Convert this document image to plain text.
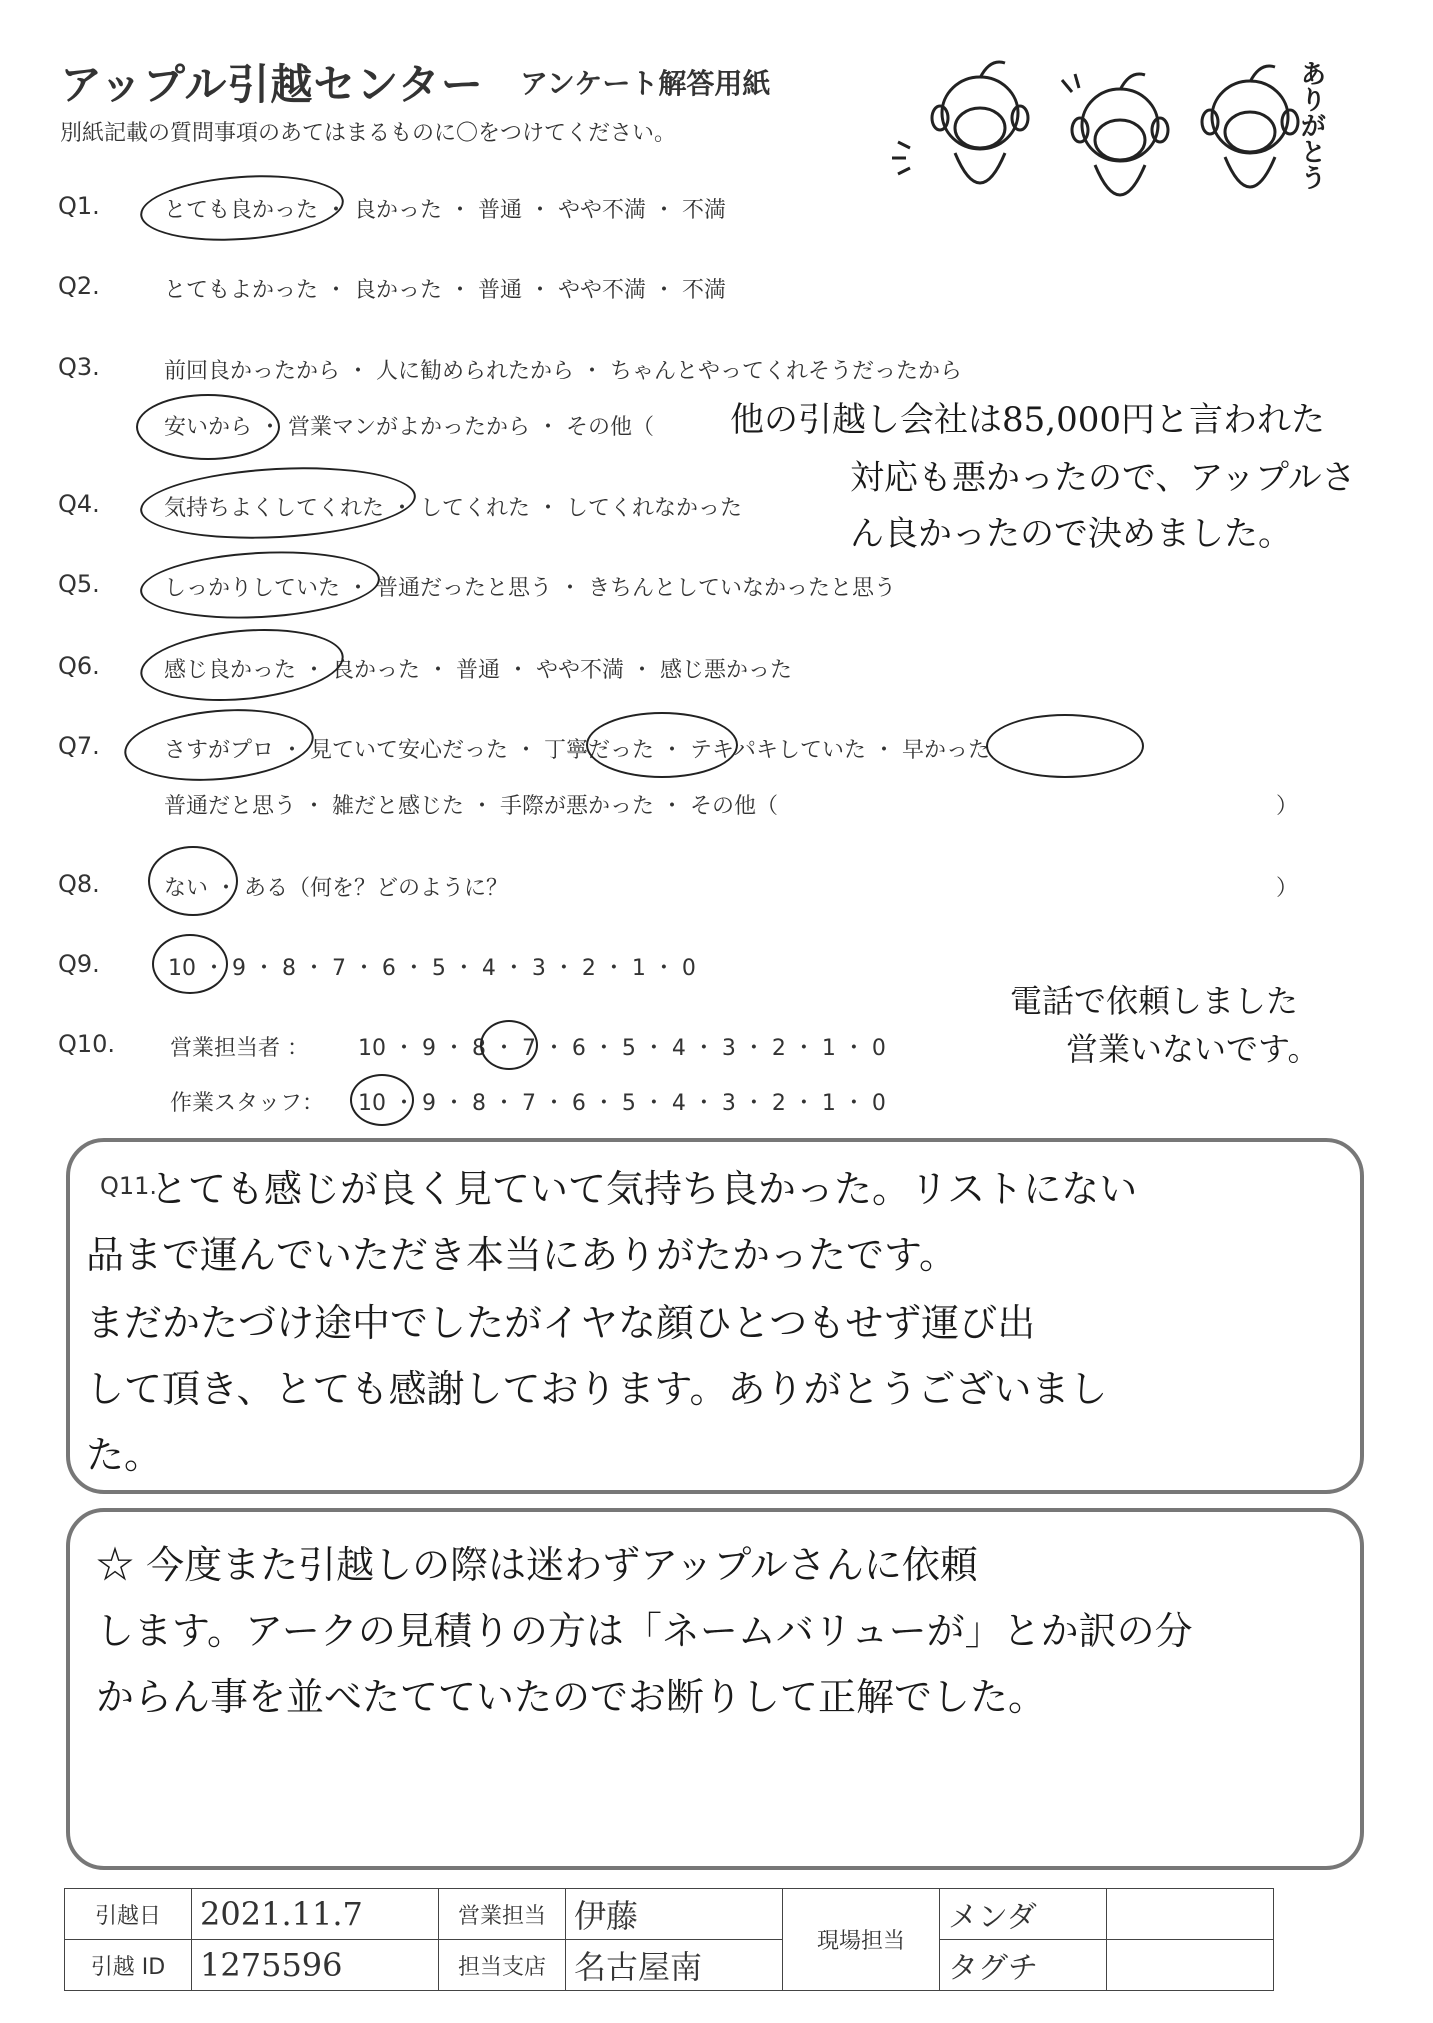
アップル引越センター アンケート解答用紙
別紙記載の質問事項のあてはまるものに〇をつけてください。	ありがとう
Q1.	とても良かった ・ 良かった ・ 普通 ・ やや不満 ・ 不満
Q2.	とてもよかった ・ 良かった ・ 普通 ・ やや不満 ・ 不満
Q3.	前回良かったから ・ 人に勧められたから ・ ちゃんとやってくれそうだったから
安いから ・ 営業マンがよかったから ・ その他（ 他の引越し会社は85,000円と言われた
対応も悪かったので、アップルさ
ん良かったので決めました。
Q4.	気持ちよくしてくれた ・ してくれた ・ してくれなかった
Q5.	しっかりしていた ・ 普通だったと思う ・ きちんとしていなかったと思う
Q6.	感じ良かった ・ 良かった ・ 普通 ・ やや不満 ・ 感じ悪かった
Q7.	さすがプロ ・ 見ていて安心だった ・ 丁寧だった ・ テキパキしていた ・ 早かった
普通だと思う ・ 雑だと感じた ・ 手際が悪かった ・ その他（	）
Q8.	ない ・ ある（何を？どのように？	）
Q9.	10 ・ 9 ・ 8 ・ 7 ・ 6 ・ 5 ・ 4 ・ 3 ・ 2 ・ 1 ・ 0
Q10. 営業担当者 ： 10 ・ 9 ・ 8 ・ 7 ・ 6 ・ 5 ・ 4 ・ 3 ・ 2 ・ 1 ・ 0
作業スタッフ： 10 ・ 9 ・ 8 ・ 7 ・ 6 ・ 5 ・ 4 ・ 3 ・ 2 ・ 1 ・ 0
電話で依頼しました
営業いないです。
Q11.
とても感じが良く見ていて気持ち良かった。リストにない
品まで運んでいただき本当にありがたかったです。
まだかたづけ途中でしたがイヤな顔ひとつもせず運び出
して頂き、とても感謝しております。ありがとうございまし
た。
☆ 今度また引越しの際は迷わずアップルさんに依頼
します。アークの見積りの方は「ネームバリューが」とか訳の分
からん事を並べたてていたのでお断りして正解でした。
引越日	2021.11.7	営業担当	伊藤	現場担当	メンダ	
引越 ID	1275596	担当支店	名古屋南		タグチ	
